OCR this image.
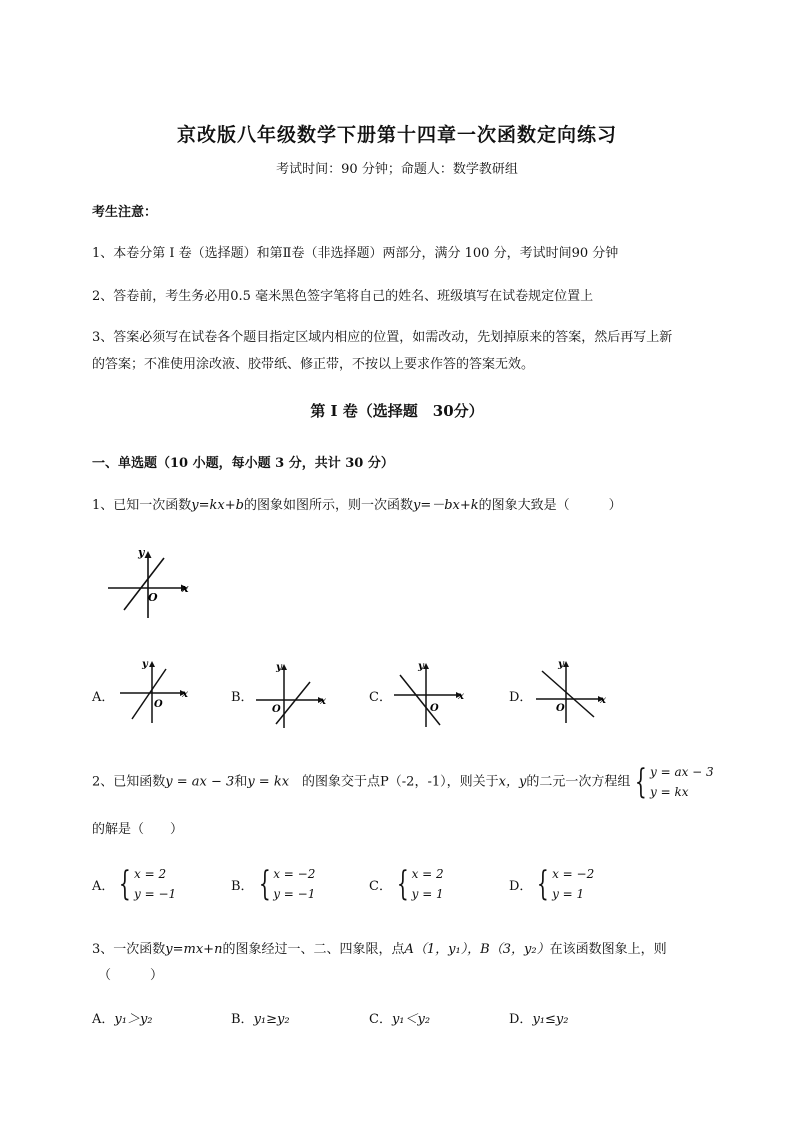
京改版八年级数学下册第十四章一次函数定向练习
考试时间：90 分钟；命题人：数学教研组
考生注意：
1、本卷分第 I 卷（选择题）和第Ⅱ卷（非选择题）两部分，满分 100 分，考试时间90 分钟
2、答卷前，考生务必用0.5 毫米黑色签字笔将自己的姓名、班级填写在试卷规定位置上
3、答案必须写在试卷各个题目指定区域内相应的位置，如需改动，先划掉原来的答案，然后再写上新
的答案；不准使用涂改液、胶带纸、修正带，不按以上要求作答的答案无效。
第 I 卷（选择题　30分）
一、单选题（10 小题，每小题 3 分，共计 30 分）
1、已知一次函数y=kx+b的图象如图所示，则一次函数y=－bx+k的图象大致是（　　　）
x
y
O
A．	x
y
O	B．	x
y
O
C．	x
y
O
D．	x
y
O
2、已知函数y = ax − 3和y = kx　的图象交于点P（-2，-1），则关于x，y的二元一次方程组 { y = ax − 3
y = kx
的解是（　　）
A． { x = 2
y = −1
B． { x = −2
y = −1
C． { x = 2
y = 1
D． { x = −2
y = 1
3、一次函数y=mx+n的图象经过一、二、四象限，点A（1，y₁），B（3，y₂）在该函数图象上，则
（　　　）
A．y₁＞y₂	B．y₁≥y₂	C．y₁＜y₂	D．y₁≤y₂
